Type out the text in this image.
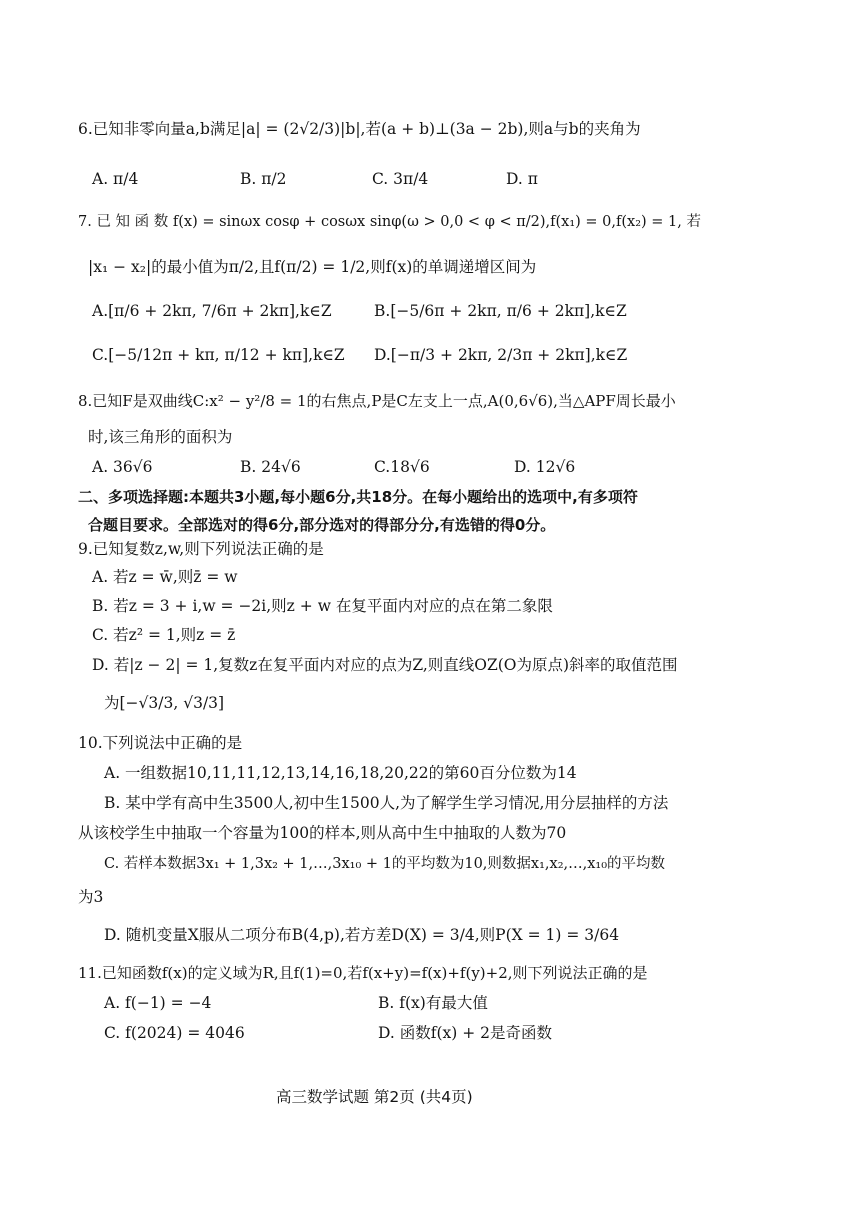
6.已知非零向量a,b满足|a| = (2√2/3)|b|,若(a + b)⊥(3a − 2b),则a与b的夹角为
A. π/4	B. π/2	C. 3π/4	D. π
7. 已 知 函 数 f(x) = sinωx cosφ + cosωx sinφ(ω > 0,0 < φ < π/2),f(x₁) = 0,f(x₂) = 1, 若
|x₁ − x₂|的最小值为π/2,且f(π/2) = 1/2,则f(x)的单调递增区间为
A.[π/6 + 2kπ, 7/6π + 2kπ],k∈Z	B.[−5/6π + 2kπ, π/6 + 2kπ],k∈Z
C.[−5/12π + kπ, π/12 + kπ],k∈Z D.[−π/3 + 2kπ, 2/3π + 2kπ],k∈Z
8.已知F是双曲线C:x² − y²/8 = 1的右焦点,P是C左支上一点,A(0,6√6),当△APF周长最小
时,该三角形的面积为
A. 36√6	B. 24√6	C.18√6	D. 12√6
二、多项选择题:本题共3小题,每小题6分,共18分。在每小题给出的选项中,有多项符
合题目要求。全部选对的得6分,部分选对的得部分分,有选错的得0分。
9.已知复数z,w,则下列说法正确的是
A. 若z = w̄,则z̄ = w
B. 若z = 3 + i,w = −2i,则z + w 在复平面内对应的点在第二象限
C. 若z² = 1,则z = z̄
D. 若|z − 2| = 1,复数z在复平面内对应的点为Z,则直线OZ(O为原点)斜率的取值范围
为[−√3/3, √3/3]
10.下列说法中正确的是
A. 一组数据10,11,11,12,13,14,16,18,20,22的第60百分位数为14
B. 某中学有高中生3500人,初中生1500人,为了解学生学习情况,用分层抽样的方法
从该校学生中抽取一个容量为100的样本,则从高中生中抽取的人数为70
C. 若样本数据3x₁ + 1,3x₂ + 1,…,3x₁₀ + 1的平均数为10,则数据x₁,x₂,…,x₁₀的平均数
为3
D. 随机变量X服从二项分布B(4,p),若方差D(X) = 3/4,则P(X = 1) = 3/64
11.已知函数f(x)的定义域为R,且f(1)=0,若f(x+y)=f(x)+f(y)+2,则下列说法正确的是
A. f(−1) = −4	B. f(x)有最大值
C. f(2024) = 4046	D. 函数f(x) + 2是奇函数
高三数学试题 第2页 (共4页)
